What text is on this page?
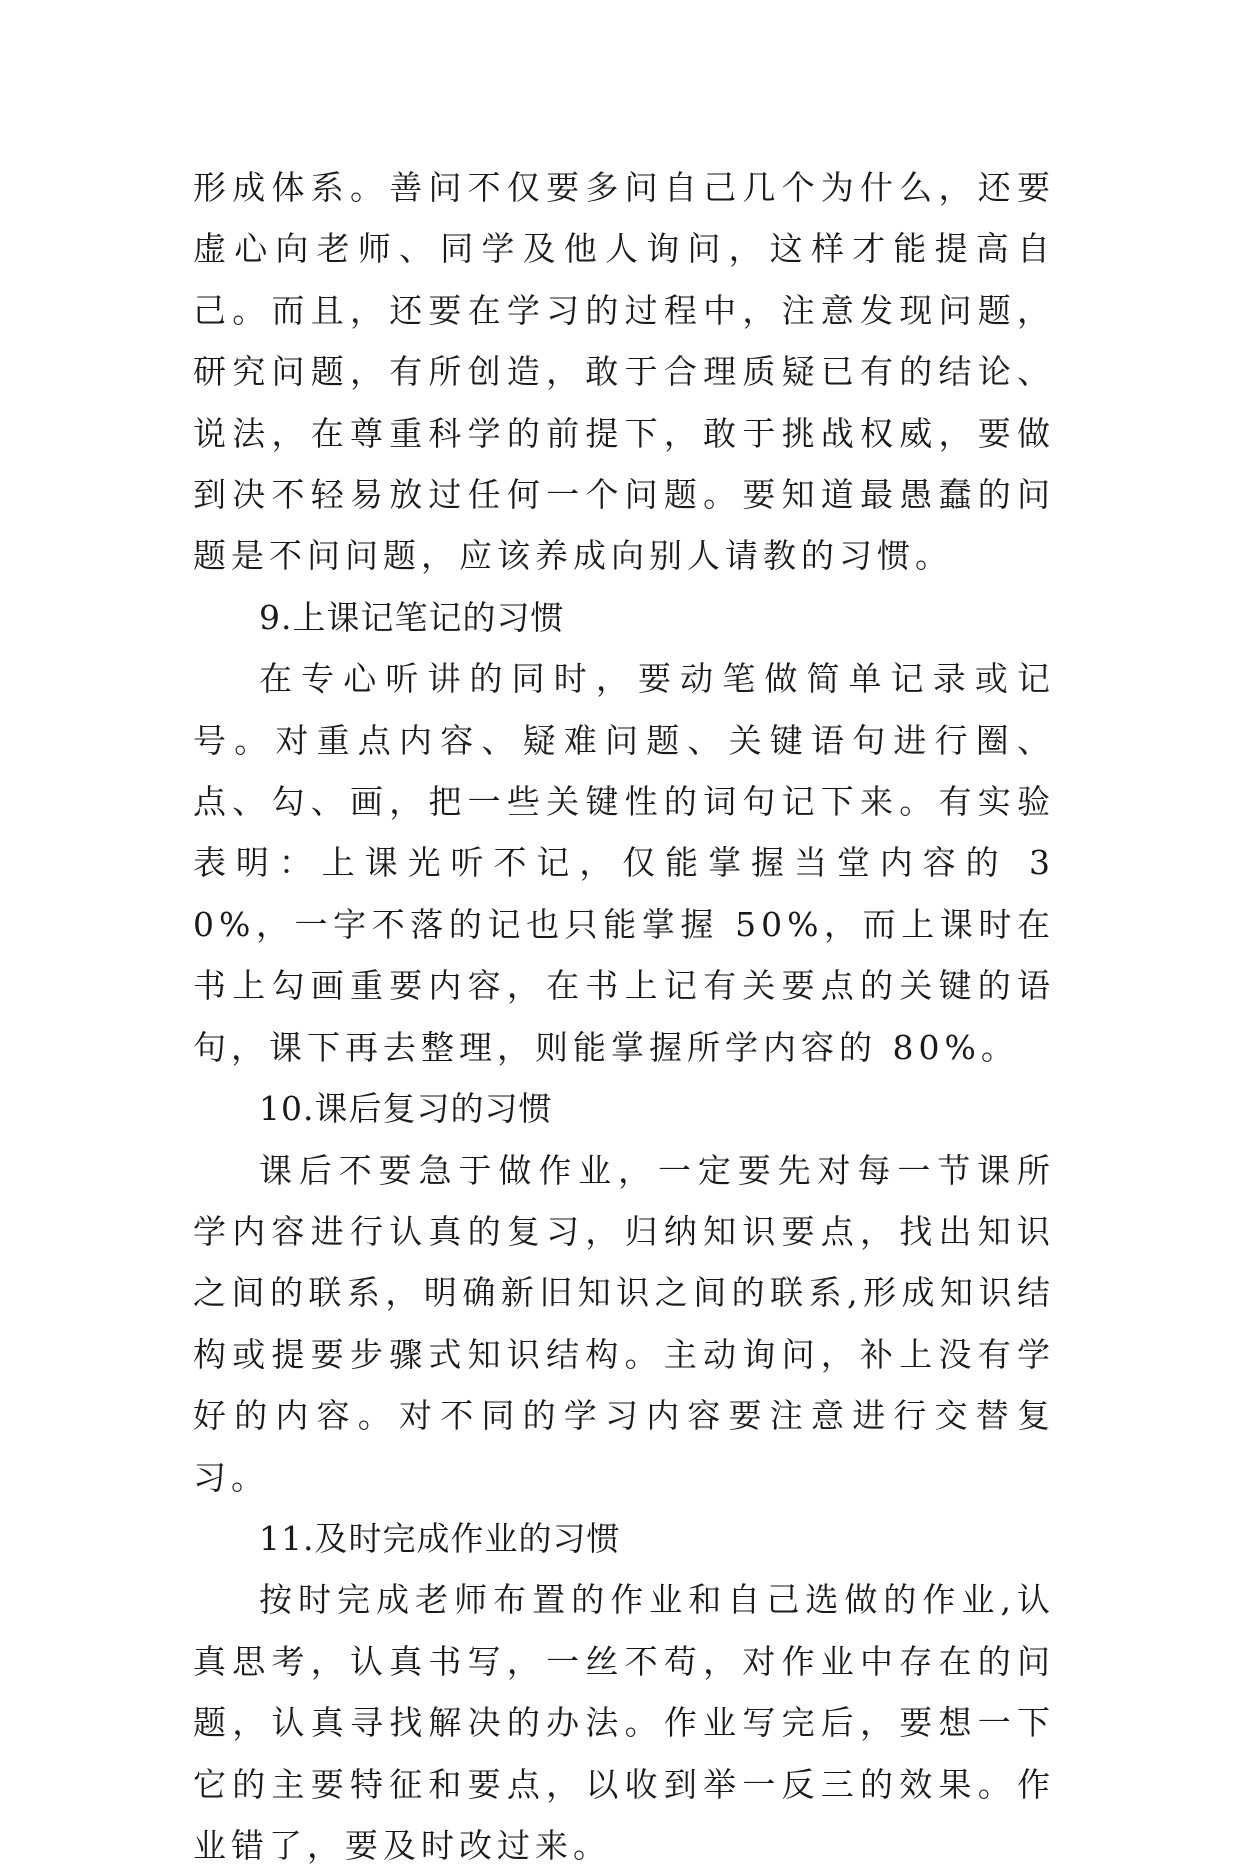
形成体系。善问不仅要多问自己几个为什么，还要虚心向老师、同学及他人询问，这样才能提高自己。而且，还要在学习的过程中，注意发现问题，研究问题，有所创造，敢于合理质疑已有的结论、说法，在尊重科学的前提下，敢于挑战权威，要做到决不轻易放过任何一个问题。要知道最愚蠢的问题是不问问题，应该养成向别人请教的习惯。

9.上课记笔记的习惯

在专心听讲的同时，要动笔做简单记录或记号。对重点内容、疑难问题、关键语句进行圈、点、勾、画，把一些关键性的词句记下来。有实验表明：上课光听不记，仅能掌握当堂内容的 30%，一字不落的记也只能掌握 50%，而上课时在书上勾画重要内容，在书上记有关要点的关键的语句，课下再去整理，则能掌握所学内容的 80%。

10.课后复习的习惯

课后不要急于做作业，一定要先对每一节课所学内容进行认真的复习，归纳知识要点，找出知识之间的联系，明确新旧知识之间的联系,形成知识结构或提要步骤式知识结构。主动询问，补上没有学好的内容。对不同的学习内容要注意进行交替复习。

11.及时完成作业的习惯

按时完成老师布置的作业和自己选做的作业,认真思考，认真书写，一丝不苟，对作业中存在的问题，认真寻找解决的办法。作业写完后，要想一下它的主要特征和要点，以收到举一反三的效果。作业错了，要及时改过来。
